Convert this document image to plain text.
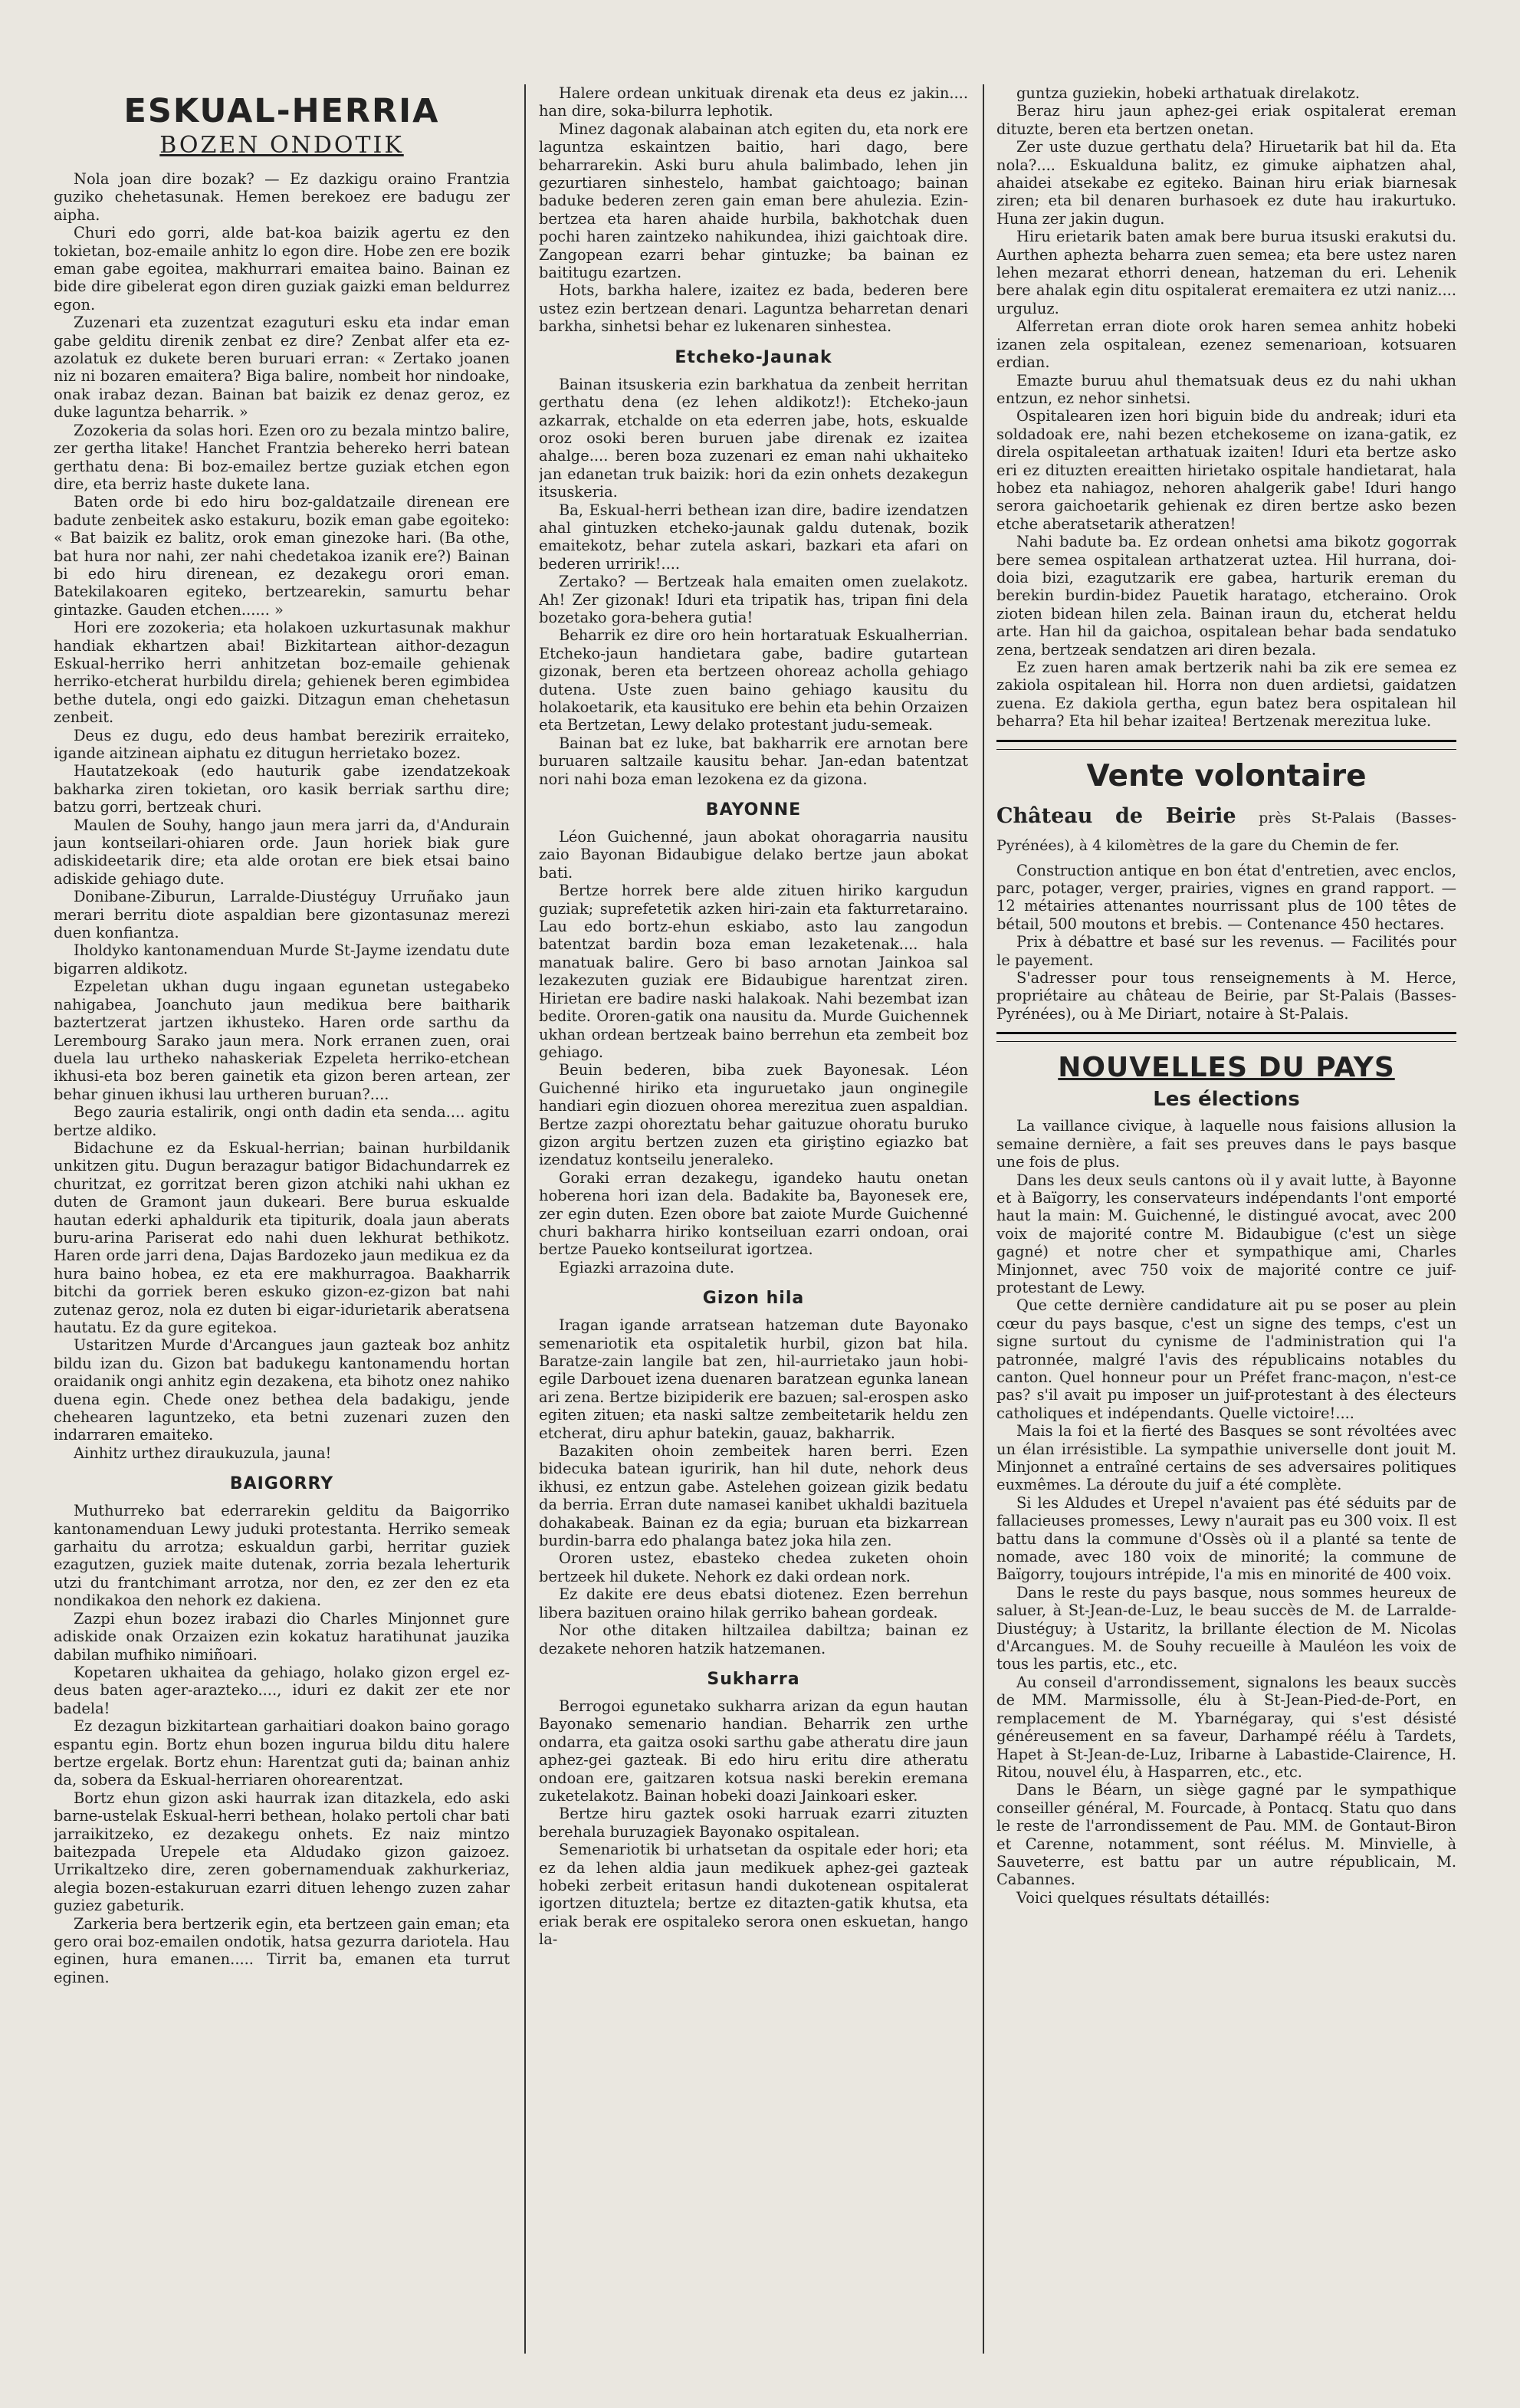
ESKUAL-HERRIA
BOZEN ONDOTIK

Nola joan dire bozak? — Ez dazkigu oraino Frantzia guziko chehetasunak. Hemen berekoez ere badugu zer aipha.

Churi edo gorri, alde bat-koa baizik agertu ez den tokietan, boz-emaile anhitz lo egon dire. Hobe zen ere bozik eman gabe egoitea, makhurrari emaitea baino. Bainan ez bide dire gibelerat egon diren guziak gaizki eman beldurrez egon.

Zuzenari eta zuzentzat ezaguturi esku eta indar eman gabe gelditu direnik zenbat ez dire? Zenbat alfer eta ez-azolatuk ez dukete beren buruari erran: « Zertako joanen niz ni bozaren emaitera? Biga balire, nombeit hor nindoake, onak irabaz dezan. Bainan bat baizik ez denaz geroz, ez duke laguntza beharrik. »

Zozokeria da solas hori. Ezen oro zu bezala mintzo balire, zer gertha litake! Hanchet Frantzia behereko herri batean gerthatu dena: Bi boz-emailez bertze guziak etchen egon dire, eta berriz haste dukete lana.

Baten orde bi edo hiru boz-galdatzaile direnean ere badute zenbeitek asko estakuru, bozik eman gabe egoiteko: « Bat baizik ez balitz, orok eman ginezoke hari. (Ba othe, bat hura nor nahi, zer nahi chedetakoa izanik ere?) Bainan bi edo hiru direnean, ez dezakegu orori eman. Batekilakoaren egiteko, bertzearekin, samurtu behar gintazke. Gauden etchen...... »

Hori ere zozokeria; eta holakoen uzkurtasunak makhur handiak ekhartzen abai! Bizkitartean aithor-dezagun Eskual-herriko herri anhitzetan boz-emaile gehienak herriko-etcherat hurbildu direla; gehienek beren egimbidea bethe dutela, ongi edo gaizki. Ditzagun eman chehetasun zenbeit.

Deus ez dugu, edo deus hambat berezirik erraiteko, igande aitzinean aiphatu ez ditugun herrietako bozez.

Hautatzekoak (edo hauturik gabe izendatzekoak bakharka ziren tokietan, oro kasik berriak sarthu dire; batzu gorri, bertzeak churi.

Maulen de Souhy, hango jaun mera jarri da, d'Andurain jaun kontseilari-ohiaren orde. Jaun horiek biak gure adiskideetarik dire; eta alde orotan ere biek etsai baino adiskide gehiago dute.

Donibane-Ziburun, Larralde-Diustéguy Urruñako jaun merari berritu diote aspaldian bere gizontasunaz merezi duen konfiantza.

Iholdyko kantonamenduan Murde St-Jayme izendatu dute bigarren aldikotz.

Ezpeletan ukhan dugu ingaan egunetan ustegabeko nahigabea, Joanchuto jaun medikua bere baitharik baztertzerat jartzen ikhusteko. Haren orde sarthu da Lerembourg Sarako jaun mera. Nork erranen zuen, orai duela lau urtheko nahaskeriak Ezpeleta herriko-etchean ikhusi-eta boz beren gainetik eta gizon beren artean, zer behar ginuen ikhusi lau urtheren buruan?....

Bego zauria estalirik, ongi onth dadin eta senda.... agitu bertze aldiko.

Bidachune ez da Eskual-herrian; bainan hurbildanik unkitzen gitu. Dugun berazagur batigor Bidachundarrek ez churitzat, ez gorritzat beren gizon atchiki nahi ukhan ez duten de Gramont jaun dukeari. Bere burua eskualde hautan ederki aphaldurik eta tipiturik, doala jaun aberats buru-arina Pariserat edo nahi duen lekhurat bethikotz. Haren orde jarri dena, Dajas Bardozeko jaun medikua ez da hura baino hobea, ez eta ere makhurragoa. Baakharrik bitchi da gorriek beren eskuko gizon-ez-gizon bat nahi zutenaz geroz, nola ez duten bi eigar-idurietarik aberatsena hautatu. Ez da gure egitekoa.

Ustaritzen Murde d'Arcangues jaun gazteak boz anhitz bildu izan du. Gizon bat badukegu kantonamendu hortan oraidanik ongi anhitz egin dezakena, eta bihotz onez nahiko duena egin. Chede onez bethea dela badakigu, jende chehearen laguntzeko, eta betni zuzenari zuzen den indarraren emaiteko.

Ainhitz urthez diraukuzula, jauna!

BAIGORRY

Muthurreko bat ederrarekin gelditu da Baigorriko kantonamenduan Lewy juduki protestanta. Herriko semeak garhaitu du arrotza; eskualdun garbi, herritar guziek ezagutzen, guziek maite dutenak, zorria bezala leherturik utzi du frantchimant arrotza, nor den, ez zer den ez eta nondikakoa den nehork ez dakiena.

Zazpi ehun bozez irabazi dio Charles Minjonnet gure adiskide onak Orzaizen ezin kokatuz haratihunat jauzika dabilan mufhiko nimiñoari.

Kopetaren ukhaitea da gehiago, holako gizon ergel ez-deus baten ager-arazteko...., iduri ez dakit zer ete nor badela!

Ez dezagun bizkitartean garhaitiari doakon baino gorago espantu egin. Bortz ehun bozen ingurua bildu ditu halere bertze ergelak. Bortz ehun: Harentzat guti da; bainan anhiz da, sobera da Eskual-herriaren ohorearentzat.

Bortz ehun gizon aski haurrak izan ditazkela, edo aski barne-ustelak Eskual-herri bethean, holako pertoli char bati jarraikitzeko, ez dezakegu onhets. Ez naiz mintzo baitezpada Urepele eta Aldudako gizon gaizoez. Urrikaltzeko dire, zeren gobernamenduak zakhurkeriaz, alegia bozen-estakuruan ezarri dituen lehengo zuzen zahar guziez gabeturik.

Zarkeria bera bertzerik egin, eta bertzeen gain eman; eta gero orai boz-emailen ondotik, hatsa gezurra dariotela. Hau eginen, hura emanen..... Tirrit ba, emanen eta turrut eginen.

Halere ordean unkituak direnak eta deus ez jakin.... han dire, soka-bilurra lephotik.

Minez dagonak alabainan atch egiten du, eta nork ere laguntza eskaintzen baitio, hari dago, bere beharrarekin. Aski buru ahula balimbado, lehen jin gezurtiaren sinhestelo, hambat gaichtoago; bainan baduke bederen zeren gain eman bere ahulezia. Ezin-bertzea eta haren ahaide hurbila, bakhotchak duen pochi haren zaintzeko nahikundea, ihizi gaichtoak dire. Zangopean ezarri behar gintuzke; ba bainan ez baititugu ezartzen.

Hots, barkha halere, izaitez ez bada, bederen bere ustez ezin bertzean denari. Laguntza beharretan denari barkha, sinhetsi behar ez lukenaren sinhestea.

Etcheko-Jaunak

Bainan itsuskeria ezin barkhatua da zenbeit herritan gerthatu dena (ez lehen aldikotz!): Etcheko-jaun azkarrak, etchalde on eta ederren jabe, hots, eskualde oroz osoki beren buruen jabe direnak ez izaitea ahalge.... beren boza zuzenari ez eman nahi ukhaiteko jan edanetan truk baizik: hori da ezin onhets dezakegun itsuskeria.

Ba, Eskual-herri bethean izan dire, badire izendatzen ahal gintuzken etcheko-jaunak galdu dutenak, bozik emaitekotz, behar zutela askari, bazkari eta afari on bederen urririk!....

Zertako? — Bertzeak hala emaiten omen zuelakotz. Ah! Zer gizonak! Iduri eta tripatik has, tripan fini dela bozetako gora-behera gutia!

Beharrik ez dire oro hein hortaratuak Eskualherrian. Etcheko-jaun handietara gabe, badire gutartean gizonak, beren eta bertzeen ohoreaz acholla gehiago dutena. Uste zuen baino gehiago kausitu du holakoetarik, eta kausituko ere behin eta behin Orzaizen eta Bertzetan, Lewy delako protestant judu-semeak.

Bainan bat ez luke, bat bakharrik ere arnotan bere buruaren saltzaile kausitu behar. Jan-edan batentzat nori nahi boza eman lezokena ez da gizona.

BAYONNE

Léon Guichenné, jaun abokat ohoragarria nausitu zaio Bayonan Bidaubigue delako bertze jaun abokat bati.

Bertze horrek bere alde zituen hiriko kargudun guziak; suprefetetik azken hiri-zain eta fakturretaraino. Lau edo bortz-ehun eskiabo, asto lau zangodun batentzat bardin boza eman lezaketenak.... hala manatuak balire. Gero bi baso arnotan Jainkoa sal lezakezuten guziak ere Bidaubigue harentzat ziren. Hirietan ere badire naski halakoak. Nahi bezembat izan bedite. Ororen-gatik ona nausitu da. Murde Guichennek ukhan ordean bertzeak baino berrehun eta zembeit boz gehiago.

Beuin bederen, biba zuek Bayonesak. Léon Guichenné hiriko eta inguruetako jaun onginegile handiari egin diozuen ohorea merezitua zuen aspaldian. Bertze zazpi ohoreztatu behar gaituzue ohoratu buruko gizon argitu bertzen zuzen eta giriştino egiazko bat izendatuz kontseilu jeneraleko.

Goraki erran dezakegu, igandeko hautu onetan hoberena hori izan dela. Badakite ba, Bayonesek ere, zer egin duten. Ezen obore bat zaiote Murde Guichenné churi bakharra hiriko kontseiluan ezarri ondoan, orai bertze Pauekо kontseilurat igortzea.

Egiazki arrazoina dute.

Gizon hila

Iragan igande arratsean hatzeman dute Bayonako semenariotik eta ospitaletik hurbil, gizon bat hila. Baratze-zain langile bat zen, hil-aurrietako jaun hobi-egile Darbouet izena duenaren baratzean egunka lanean ari zena. Bertze bizipiderik ere bazuen; sal-erospen asko egiten zituen; eta naski saltze zembeitetarik heldu zen etcherat, diru aphur batekin, gauaz, bakharrik.

Bazakiten ohoin zembeitek haren berri. Ezen bidecuka batean iguririk, han hil dute, nehork deus ikhusi, ez entzun gabe. Astelehen goizean gizik bedatu da berria. Erran dute namasei kanibet ukhaldi bazituela dohakabeak. Bainan ez da egia; buruan eta bizkarrean burdin-barra edo phalanga batez joka hila zen.

Ororen ustez, ebasteko chedea zuketen ohoin bertzeek hil dukete. Nehork ez daki ordean nork.

Ez dakite ere deus ebatsi diotenez. Ezen berrehun libera bazituen oraino hilak gerriko bahean gordeak.

Nor othe ditaken hiltzailea dabiltza; bainan ez dezakete nehoren hatzik hatzemanen.

Sukharra

Berrogoi egunetako sukharra arizan da egun hautan Bayonako semenario handian. Beharrik zen urthe ondarra, eta gaitza osoki sarthu gabe atheratu dire jaun aphez-gei gazteak. Bi edo hiru eritu dire atheratu ondoan ere, gaitzaren kotsua naski berekin eremana zuketelakotz. Bainan hobeki doazi Jainkoari esker.

Bertze hiru gaztek osoki harruak ezarri zituzten berehala buruzagiek Bayonako ospitalean.

Semenariotik bi urhatsetan da ospitale eder hori; eta ez da lehen aldia jaun medikuek aphez-gei gazteak hobeki zerbeit eritasun handi dukotenean ospitalerat igortzen dituztela; bertze ez ditazten-gatik khutsa, eta eriak berak ere ospitaleko serora onen eskuetan, hango la-

guntza guziekin, hobeki arthatuak direlakotz.

Beraz hiru jaun aphez-gei eriak ospitalerat ereman dituzte, beren eta bertzen onetan.

Zer uste duzue gerthatu dela? Hiruetarik bat hil da. Eta nola?.... Eskualduna balitz, ez gimuke aiphatzen ahal, ahaidei atsekabe ez egiteko. Bainan hiru eriak biarnesak ziren; eta bil denaren burhasoek ez dute hau irakurtuko. Huna zer jakin dugun.

Hiru erietarik baten amak bere burua itsuski erakutsi du. Aurthen aphezta beharra zuen semea; eta bere ustez naren lehen mezarat ethorri denean, hatzeman du eri. Lehenik bere ahalak egin ditu ospitalerat eremaitera ez utzi naniz.... urguluz.

Alferretan erran diote orok haren semea anhitz hobeki izanen zela ospitalean, ezenez semenarioan, kotsuaren erdian.

Emazte buruu ahul thematsuak deus ez du nahi ukhan entzun, ez nehor sinhetsi.

Ospitalearen izen hori biguin bide du andreak; iduri eta soldadoak ere, nahi bezen etchekoseme on izana-gatik, ez direla ospitaleetan arthatuak izaiten! Iduri eta bertze asko eri ez dituzten ereaitten hirietako ospitale handietarat, hala hobez eta nahiagoz, nehoren ahalgerik gabe! Iduri hango serora gaichoetarik gehienak ez diren bertze asko bezen etche aberatsetarik atheratzen!

Nahi badute ba. Ez ordean onhetsi ama bikotz gogorrak bere semea ospitalean arthatzerat uztea. Hil hurrana, doi-doia bizi, ezagutzarik ere gabea, harturik ereman du berekin burdin-bidez Pauetik haratago, etcheraino. Orok zioten bidean hilen zela. Bainan iraun du, etcherat heldu arte. Han hil da gaichoa, ospitalean behar bada sendatuko zena, bertzeak sendatzen ari diren bezala.

Ez zuen haren amak bertzerik nahi ba zik ere semea ez zakiola ospitalean hil. Horra non duen ardietsi, gaidatzen zuena. Ez dakiola gertha, egun batez bera ospitalean hil beharra? Eta hil behar izaitea! Bertzenak merezitua luke.

Vente volontaire
Château de Beirie près St-Palais (Basses-Pyrénées), à 4 kilomètres de la gare du Chemin de fer.

Construction antique en bon état d'entretien, avec enclos, parc, potager, verger, prairies, vignes en grand rapport. — 12 métairies attenantes nourrissant plus de 100 têtes de bétail, 500 moutons et brebis. — Contenance 450 hectares.

Prix à débattre et basé sur les revenus. — Facilités pour le payement.

S'adresser pour tous renseignements à M. Herce, propriétaire au château de Beirie, par St-Palais (Basses-Pyrénées), ou à Me Diriart, notaire à St-Palais.

NOUVELLES DU PAYS
Les élections

La vaillance civique, à laquelle nous faisions allusion la semaine dernière, a fait ses preuves dans le pays basque une fois de plus.

Dans les deux seuls cantons où il y avait lutte, à Bayonne et à Baïgorry, les conservateurs indépendants l'ont emporté haut la main: M. Guichenné, le distingué avocat, avec 200 voix de majorité contre M. Bidaubigue (c'est un siège gagné) et notre cher et sympathique ami, Charles Minjonnet, avec 750 voix de majorité contre ce juif-protestant de Lewy.

Que cette dernière candidature ait pu se poser au plein cœur du pays basque, c'est un signe des temps, c'est un signe surtout du cynisme de l'administration qui l'a patronnée, malgré l'avis des républicains notables du canton. Quel honneur pour un Préfet franc-maçon, n'est-ce pas? s'il avait pu imposer un juif-protestant à des électeurs catholiques et indépendants. Quelle victoire!....

Mais la foi et la fierté des Basques se sont révoltées avec un élan irrésistible. La sympathie universelle dont jouit M. Minjonnet a entraîné certains de ses adversaires politiques euxmêmes. La déroute du juif a été complète.

Si les Aldudes et Urepel n'avaient pas été séduits par de fallacieuses promesses, Lewy n'aurait pas eu 300 voix. Il est battu dans la commune d'Ossès où il a planté sa tente de nomade, avec 180 voix de minorité; la commune de Baïgorry, toujours intrépide, l'a mis en minorité de 400 voix.

Dans le reste du pays basque, nous sommes heureux de saluer, à St-Jean-de-Luz, le beau succès de M. de Larralde-Diustéguy; à Ustaritz, la brillante élection de M. Nicolas d'Arcangues. M. de Souhy recueille à Mauléon les voix de tous les partis, etc., etc.

Au conseil d'arrondissement, signalons les beaux succès de MM. Marmissolle, élu à St-Jean-Pied-de-Port, en remplacement de M. Ybarnégaray, qui s'est désisté généreusement en sa faveur, Darhampé réélu à Tardets, Hapet à St-Jean-de-Luz, Iribarne à Labastide-Clairence, H. Ritou, nouvel élu, à Hasparren, etc., etc.

Dans le Béarn, un siège gagné par le sympathique conseiller général, M. Fourcade, à Pontacq. Statu quo dans le reste de l'arrondissement de Pau. MM. de Gontaut-Biron et Carenne, notamment, sont réélus. M. Minvielle, à Sauveterre, est battu par un autre républicain, M. Cabannes.

Voici quelques résultats détaillés:
